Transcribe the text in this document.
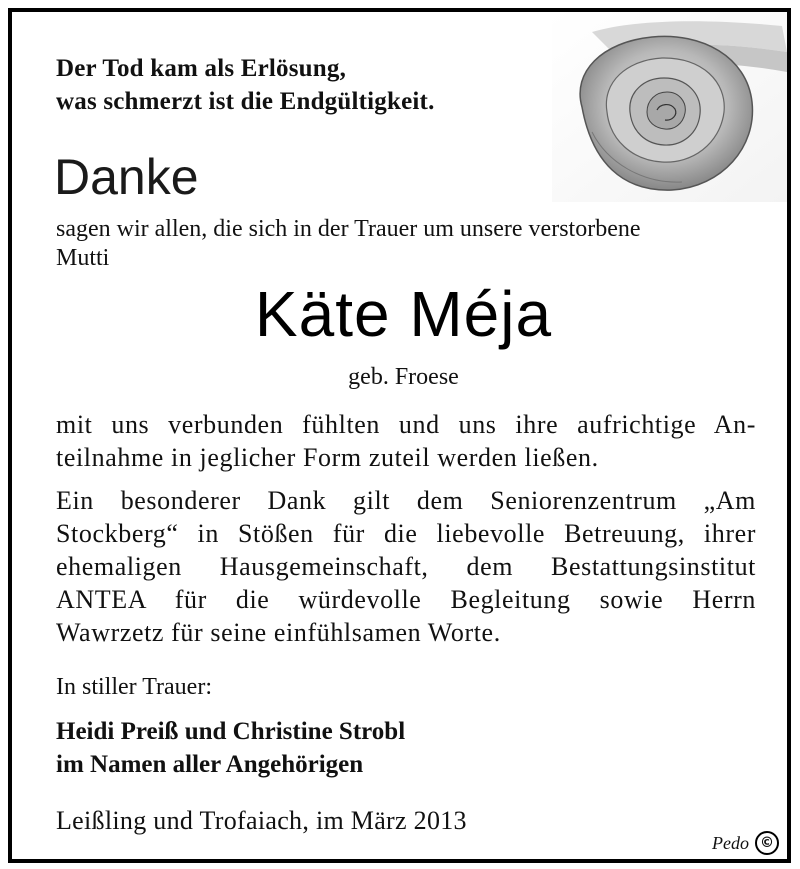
Der Tod kam als Erlösung,
was schmerzt ist die Endgültigkeit.
Danke
sagen wir allen, die sich in der Trauer um unsere verstorbene
Mutti
Käte Méja
geb. Froese
mit uns verbunden fühlten und uns ihre aufrichtige An-
teilnahme in jeglicher Form zuteil werden ließen.
Ein besonderer Dank gilt dem Seniorenzentrum „Am
Stockberg“ in Stößen für die liebevolle Betreuung, ihrer
ehemaligen Hausgemeinschaft, dem Bestattungsinstitut
ANTEA für die würdevolle Begleitung sowie Herrn
Wawrzetz für seine einfühlsamen Worte.
In stiller Trauer:
Heidi Preiß und Christine Strobl
im Namen aller Angehörigen
Leißling und Trofaiach, im März 2013
Pedo ©
